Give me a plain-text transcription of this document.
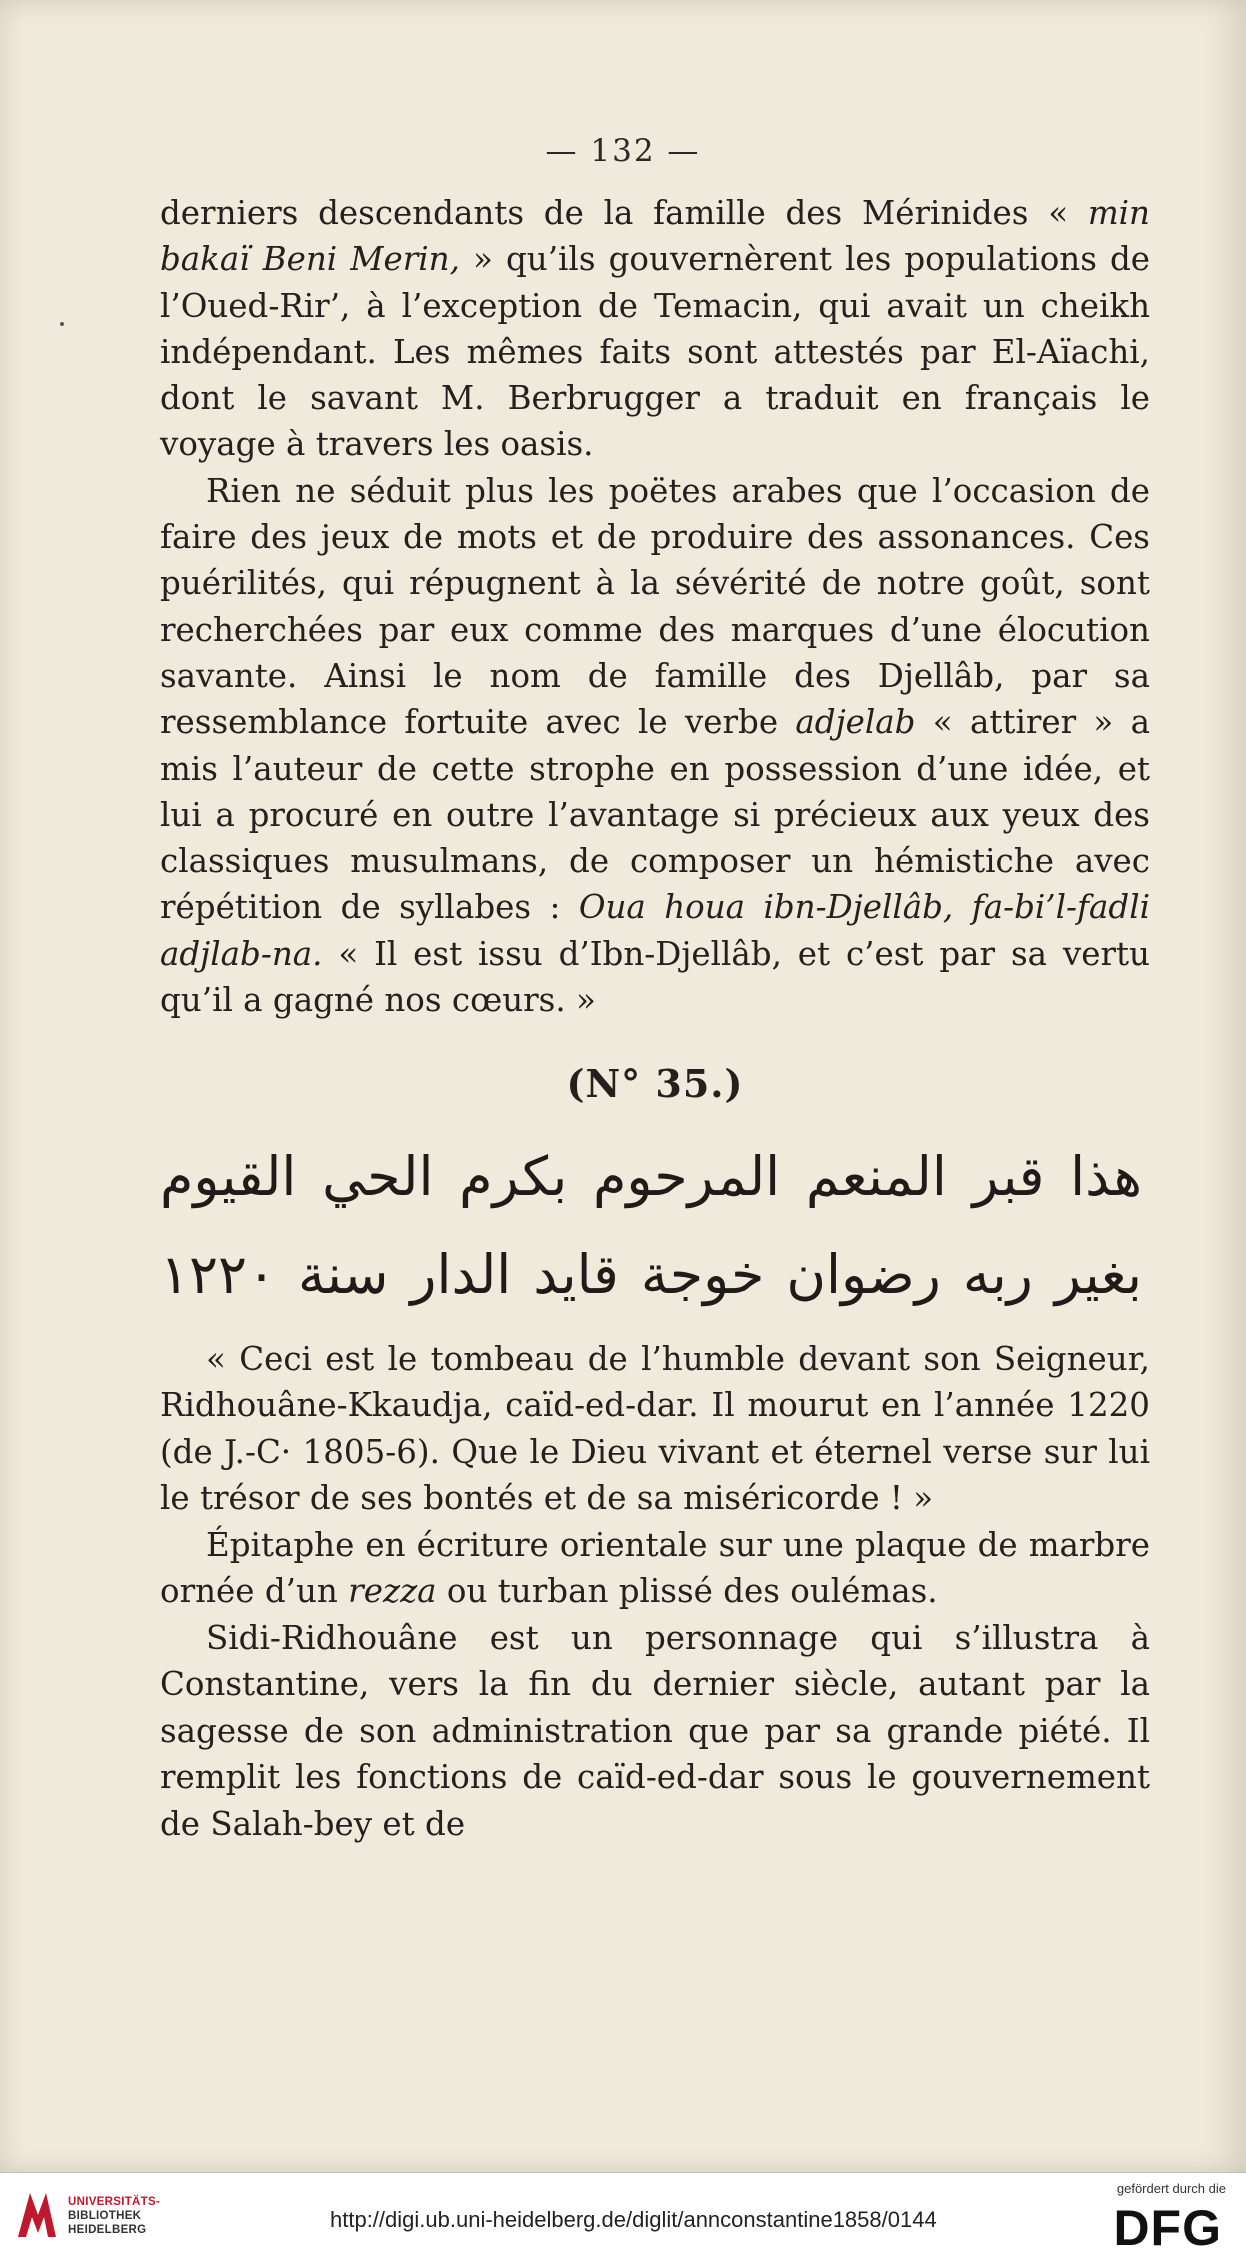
— 132 —

derniers descendants de la famille des Mérinides « min bakaï Beni Merin, » qu’ils gouvernèrent les populations de l’Oued-Rir’, à l’exception de Temacin, qui avait un cheikh indépendant. Les mêmes faits sont attestés par El-Aïachi, dont le savant M. Berbrugger a traduit en français le voyage à travers les oasis.

Rien ne séduit plus les poëtes arabes que l’occasion de faire des jeux de mots et de produire des assonances. Ces puérilités, qui répugnent à la sévérité de notre goût, sont recherchées par eux comme des marques d’une élocution savante. Ainsi le nom de famille des Djellâb, par sa ressemblance fortuite avec le verbe adjelab « attirer » a mis l’auteur de cette strophe en possession d’une idée, et lui a procuré en outre l’avantage si précieux aux yeux des classiques musulmans, de composer un hémistiche avec répétition de syllabes : Oua houa ibn-Djellâb, fa-bi’l-fadli adjlab-na. « Il est issu d’Ibn-Djellâb, et c’est par sa vertu qu’il a gagné nos cœurs. »

(N° 35.)
هذا قبر المنعم المرحوم بكرم الحي القيوم
بغير ربه رضوان خوجة قايد الدار سنة ١٢٢٠

« Ceci est le tombeau de l’humble devant son Seigneur, Ridhouâne-Kkaudja, caïd-ed-dar. Il mourut en l’année 1220 (de J.-C· 1805-6). Que le Dieu vivant et éternel verse sur lui le trésor de ses bontés et de sa miséricorde ! »

Épitaphe en écriture orientale sur une plaque de marbre ornée d’un rezza ou turban plissé des oulémas.

Sidi-Ridhouâne est un personnage qui s’illustra à Constantine, vers la fin du dernier siècle, autant par la sagesse de son administration que par sa grande piété. Il remplit les fonctions de caïd-ed-dar sous le gouvernement de Salah-bey et de

UNIVERSITÄTS-
BIBLIOTHEK
HEIDELBERG	http://digi.ub.uni-heidelberg.de/diglit/annconstantine1858/0144
gefördert durch die
DFG
